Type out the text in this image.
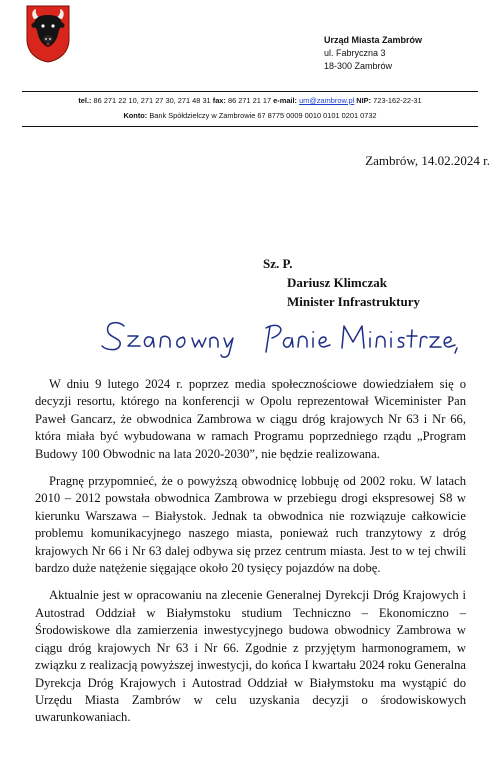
Urząd Miasta Zambrów
ul. Fabryczna 3
18-300 Zambrów
tel.: 86 271 22 10, 271 27 30, 271 48 31 fax: 86 271 21 17 e-mail: um@zambrow.pl NIP: 723-162-22-31
Konto: Bank Spółdzielczy w Zambrowie 67 8775 0009 0010 0101 0201 0732
Zambrów, 14.02.2024 r.
Sz. P.
Dariusz Klimczak
Minister Infrastruktury

W dniu 9 lutego 2024 r. poprzez media społecznościowe dowiedziałem się o decyzji resortu, którego na konferencji w Opolu reprezentował Wiceminister Pan Paweł Gancarz, że obwodnica Zambrowa w ciągu dróg krajowych Nr 63 i Nr 66, która miała być wybudowana w ramach Programu poprzedniego rządu „Program Budowy 100 Obwodnic na lata 2020-2030”, nie będzie realizowana.

Pragnę przypomnieć, że o powyższą obwodnicę lobbuję od 2002 roku. W latach 2010 – 2012 powstała obwodnica Zambrowa w przebiegu drogi ekspresowej S8 w kierunku Warszawa – Białystok. Jednak ta obwodnica nie rozwiązuje całkowicie problemu komunikacyjnego naszego miasta, ponieważ ruch tranzytowy z dróg krajowych Nr 66 i Nr 63 dalej odbywa się przez centrum miasta. Jest to w tej chwili bardzo duże natężenie sięgające około 20 tysięcy pojazdów na dobę.

Aktualnie jest w opracowaniu na zlecenie Generalnej Dyrekcji Dróg Krajowych i Autostrad Oddział w Białymstoku studium Techniczno – Ekonomiczno – Środowiskowe dla zamierzenia inwestycyjnego budowa obwodnicy Zambrowa w ciągu dróg krajowych Nr 63 i Nr 66. Zgodnie z przyjętym harmonogramem, w związku z realizacją powyższej inwestycji, do końca I kwartału 2024 roku Generalna Dyrekcja Dróg Krajowych i Autostrad Oddział w Białymstoku ma wystąpić do Urzędu Miasta Zambrów w celu uzyskania decyzji o środowiskowych uwarunkowaniach.
